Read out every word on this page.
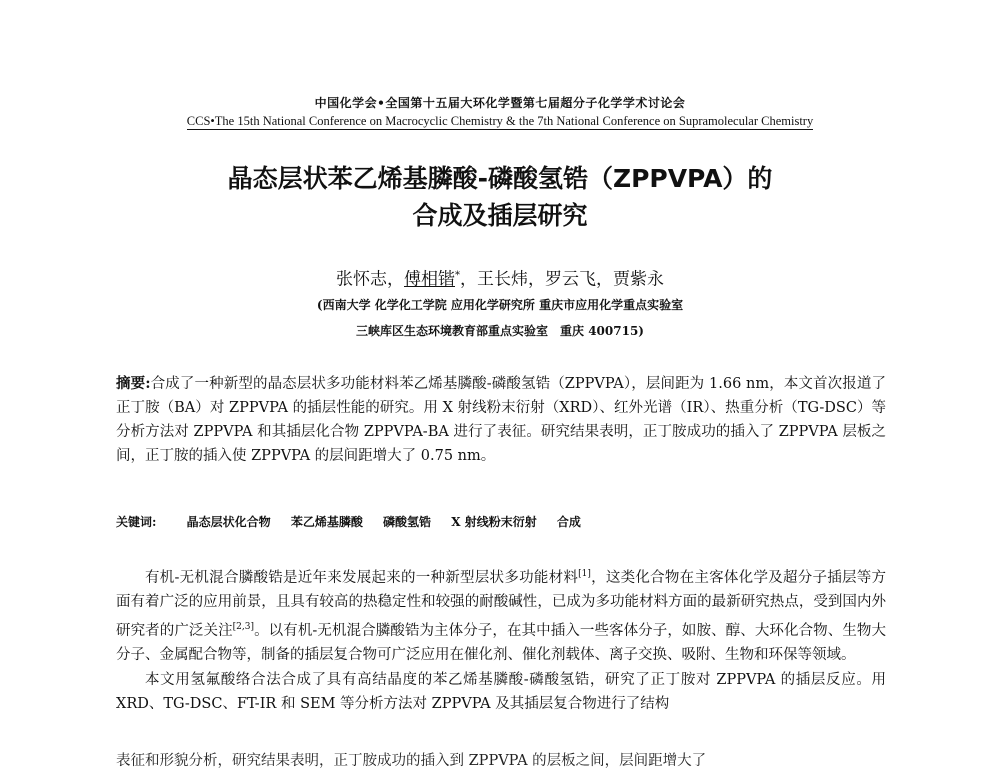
中国化学会•全国第十五届大环化学暨第七届超分子化学学术讨论会
CCS•The 15th National Conference on Macrocyclic Chemistry & the 7th National Conference on Supramolecular Chemistry
晶态层状苯乙烯基膦酸-磷酸氢锆（ZPPVPA）的
合成及插层研究
张怀志，傅相锴*，王长炜，罗云飞，贾紫永
(西南大学 化学化工学院 应用化学研究所 重庆市应用化学重点实验室
三峡库区生态环境教育部重点实验室　重庆 400715)
摘要:合成了一种新型的晶态层状多功能材料苯乙烯基膦酸-磷酸氢锆（ZPPVPA），层间距为 1.66 nm，本文首次报道了正丁胺（BA）对 ZPPVPA 的插层性能的研究。用 X 射线粉末衍射（XRD）、红外光谱（IR）、热重分析（TG-DSC）等分析方法对 ZPPVPA 和其插层化合物 ZPPVPA-BA 进行了表征。研究结果表明，正丁胺成功的插入了 ZPPVPA 层板之间，正丁胺的插入使 ZPPVPA 的层间距增大了 0.75 nm。
关键词:	晶态层状化合物 苯乙烯基膦酸 磷酸氢锆 X 射线粉末衍射 合成

有机-无机混合膦酸锆是近年来发展起来的一种新型层状多功能材料[1]，这类化合物在主客体化学及超分子插层等方面有着广泛的应用前景，且具有较高的热稳定性和较强的耐酸碱性，已成为多功能材料方面的最新研究热点，受到国内外研究者的广泛关注[2,3]。以有机-无机混合膦酸锆为主体分子，在其中插入一些客体分子，如胺、醇、大环化合物、生物大分子、金属配合物等，制备的插层复合物可广泛应用在催化剂、催化剂载体、离子交换、吸附、生物和环保等领域。

本文用氢氟酸络合法合成了具有高结晶度的苯乙烯基膦酸-磷酸氢锆，研究了正丁胺对 ZPPVPA 的插层反应。用 XRD、TG-DSC、FT-IR 和 SEM 等分析方法对 ZPPVPA 及其插层复合物进行了结构

表征和形貌分析，研究结果表明，正丁胺成功的插入到 ZPPVPA 的层板之间，层间距增大了
